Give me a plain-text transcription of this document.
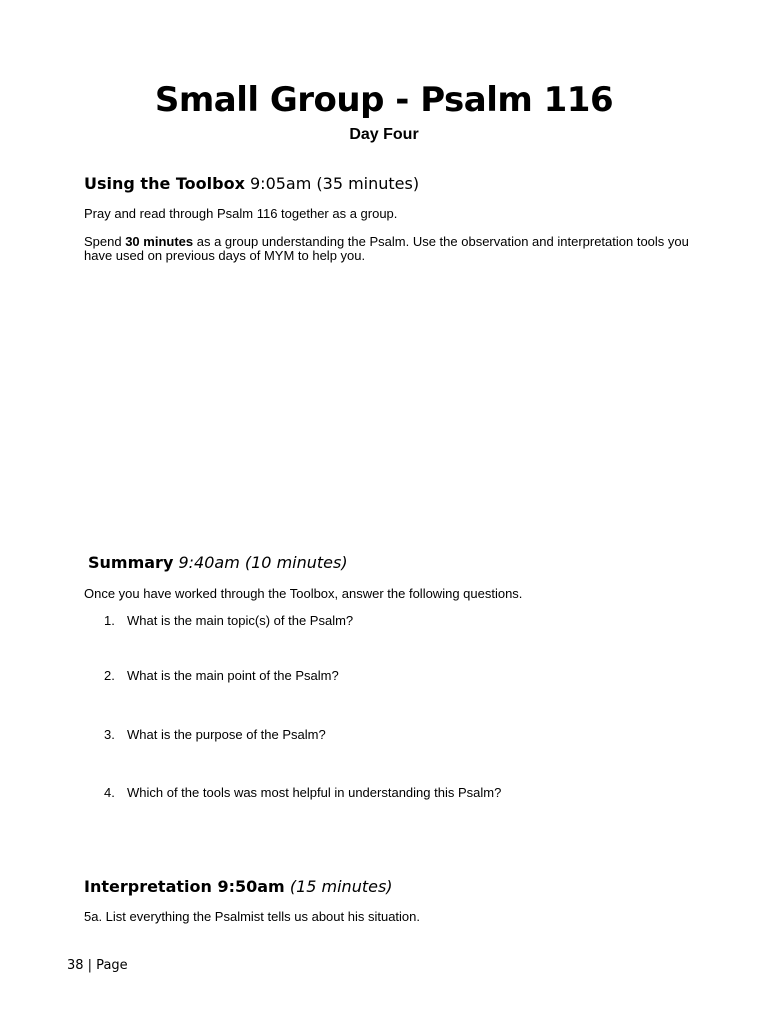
Small Group - Psalm 116
Day Four
Using the Toolbox 9:05am (35 minutes)
Pray and read through Psalm 116 together as a group.
Spend 30 minutes as a group understanding the Psalm. Use the observation and interpretation tools you have used on previous days of MYM to help you.
Summary 9:40am (10 minutes)
Once you have worked through the Toolbox, answer the following questions.
1. What is the main topic(s) of the Psalm?
2. What is the main point of the Psalm?
3. What is the purpose of the Psalm?
4. Which of the tools was most helpful in understanding this Psalm?
Interpretation 9:50am (15 minutes)
5a. List everything the Psalmist tells us about his situation.
38 | Page
